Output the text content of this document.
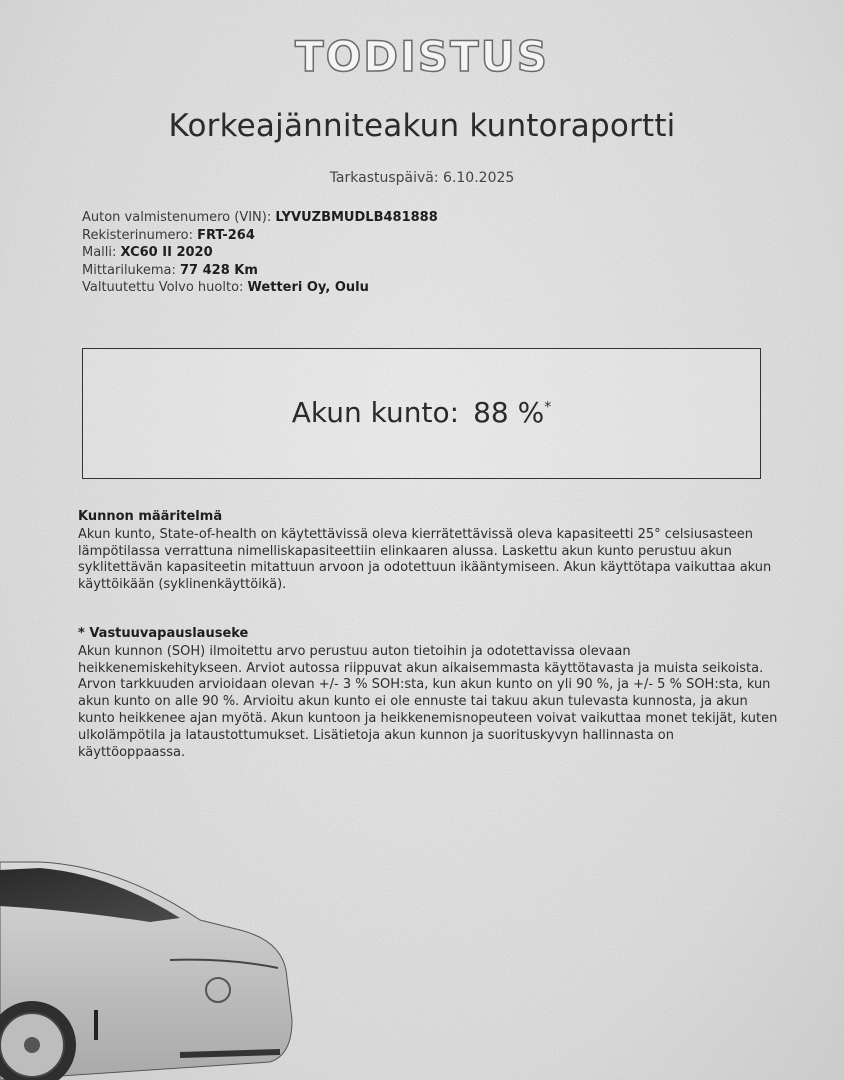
TODISTUS
Korkeajänniteakun kuntoraportti
Tarkastuspäivä: 6.10.2025
Auton valmistenumero (VIN): LYVUZBMUDLB481888
Rekisterinumero: FRT-264
Malli: XC60 II 2020
Mittarilukema: 77 428 Km
Valtuutettu Volvo huolto: Wetteri Oy, Oulu
Akun kunto: 88 %*
Kunnon määritelmä

Akun kunto, State-of-health on käytettävissä oleva kierrätettävissä oleva kapasiteetti 25° celsiusasteen lämpötilassa verrattuna nimelliskapasiteettiin elinkaaren alussa. Laskettu akun kunto perustuu akun syklitettävän kapasiteetin mitattuun arvoon ja odotettuun ikääntymiseen. Akun käyttötapa vaikuttaa akun käyttöikään (syklinenkäyttöikä).

* Vastuuvapauslauseke

Akun kunnon (SOH) ilmoitettu arvo perustuu auton tietoihin ja odotettavissa olevaan heikkenemiskehitykseen. Arviot autossa riippuvat akun aikaisemmasta käyttötavasta ja muista seikoista. Arvon tarkkuuden arvioidaan olevan +/- 3 % SOH:sta, kun akun kunto on yli 90 %, ja +/- 5 % SOH:sta, kun akun kunto on alle 90 %. Arvioitu akun kunto ei ole ennuste tai takuu akun tulevasta kunnosta, ja akun kunto heikkenee ajan myötä. Akun kuntoon ja heikkenemisnopeuteen voivat vaikuttaa monet tekijät, kuten ulkolämpötila ja lataustottumukset. Lisätietoja akun kunnon ja suorituskyvyn hallinnasta on käyttöoppaassa.
